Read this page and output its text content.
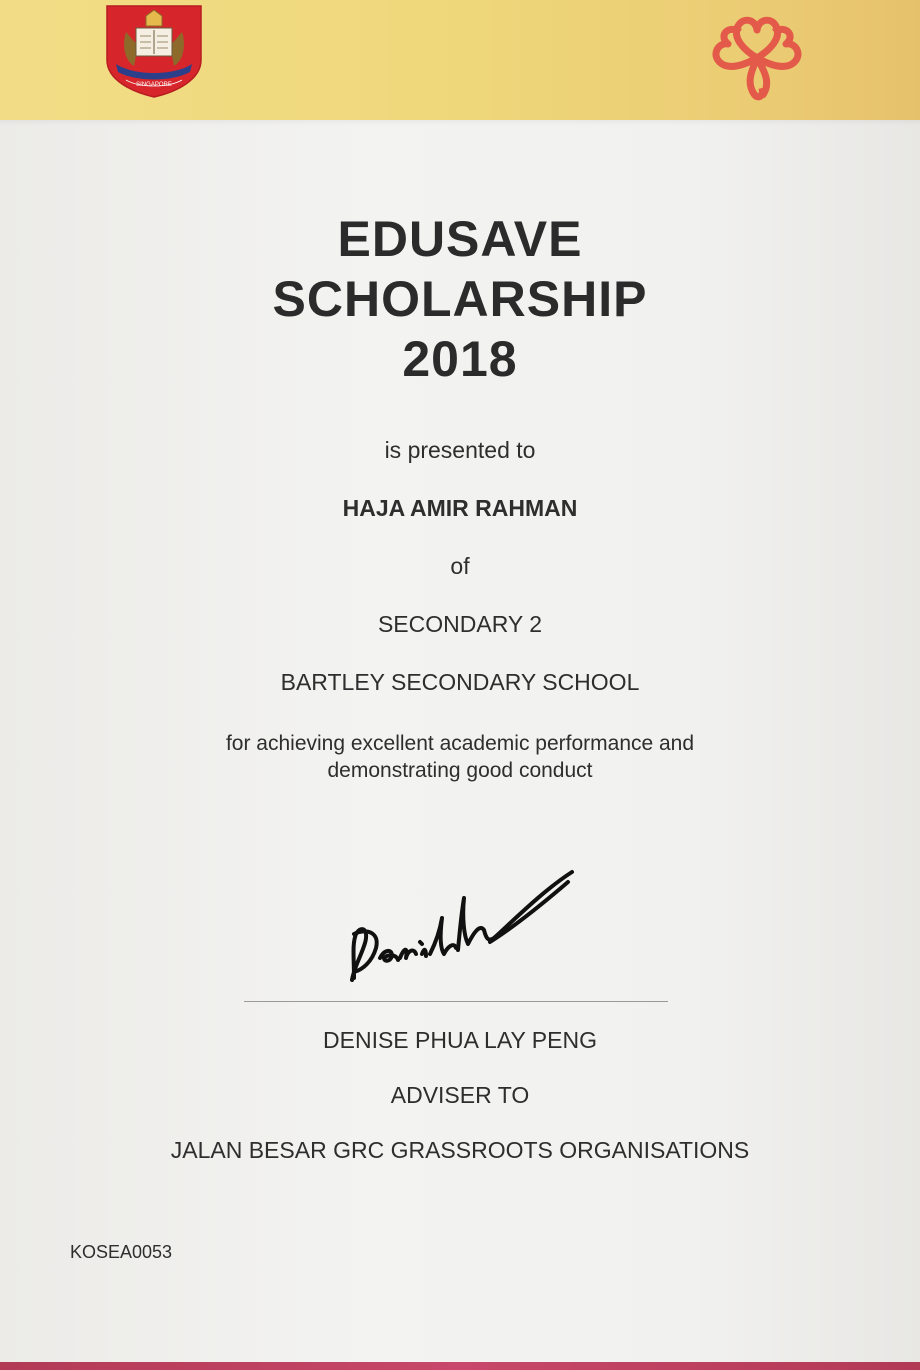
SINGAPORE
EDUSAVE
SCHOLARSHIP
2018
is presented to
HAJA AMIR RAHMAN
of
SECONDARY 2
BARTLEY SECONDARY SCHOOL
for achieving excellent academic performance and
demonstrating good conduct
DENISE PHUA LAY PENG
ADVISER TO
JALAN BESAR GRC GRASSROOTS ORGANISATIONS
KOSEA0053
